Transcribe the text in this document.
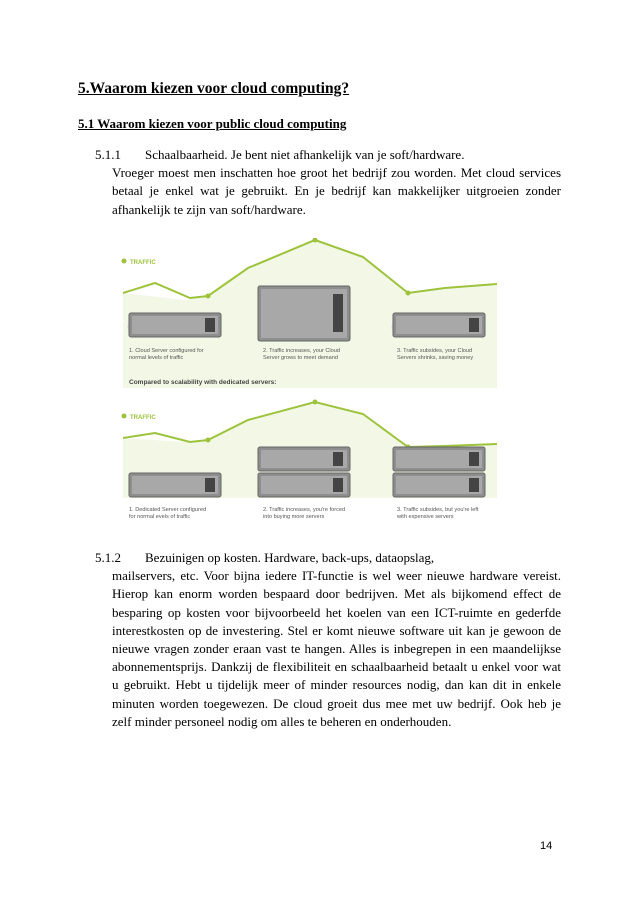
5.Waarom kiezen voor cloud computing?
5.1 Waarom kiezen voor public cloud computing
5.1.1 Schaalbaarheid. Je bent niet afhankelijk van je soft/hardware.
Vroeger moest men inschatten hoe groot het bedrijf zou worden. Met cloud services betaal je enkel wat je gebruikt. En je bedrijf kan makkelijker uitgroeien zonder afhankelijk te zijn van soft/hardware.
TRAFFIC
1. Cloud Server configured for
normal levels of traffic
2. Traffic increases, your Cloud
Server grows to meet demand
3. Traffic subsides, your Cloud
Servers shrinks, saving money
Compared to scalability with dedicated servers:
TRAFFIC
1. Dedicated Server configured
for normal evels of traffic
2. Traffic increases, you're forced
into buying more servers
3. Traffic subsides, but you're left
with expensive servers
5.1.2 Bezuinigen op kosten. Hardware, back-ups, dataopslag,
mailservers, etc. Voor bijna iedere IT-functie is wel weer nieuwe hardware vereist. Hierop kan enorm worden bespaard door bedrijven. Met als bijkomend effect de besparing op kosten voor bijvoorbeeld het koelen van een ICT-ruimte en gederfde interestkosten op de investering. Stel er komt nieuwe software uit kan je gewoon de nieuwe vragen zonder eraan vast te hangen. Alles is inbegrepen in een maandelijkse abonnementsprijs. Dankzij de flexibiliteit en schaalbaarheid betaalt u enkel voor wat u gebruikt. Hebt u tijdelijk meer of minder resources nodig, dan kan dit in enkele minuten worden toegewezen. De cloud groeit dus mee met uw bedrijf. Ook heb je zelf minder personeel nodig om alles te beheren en onderhouden.
14
